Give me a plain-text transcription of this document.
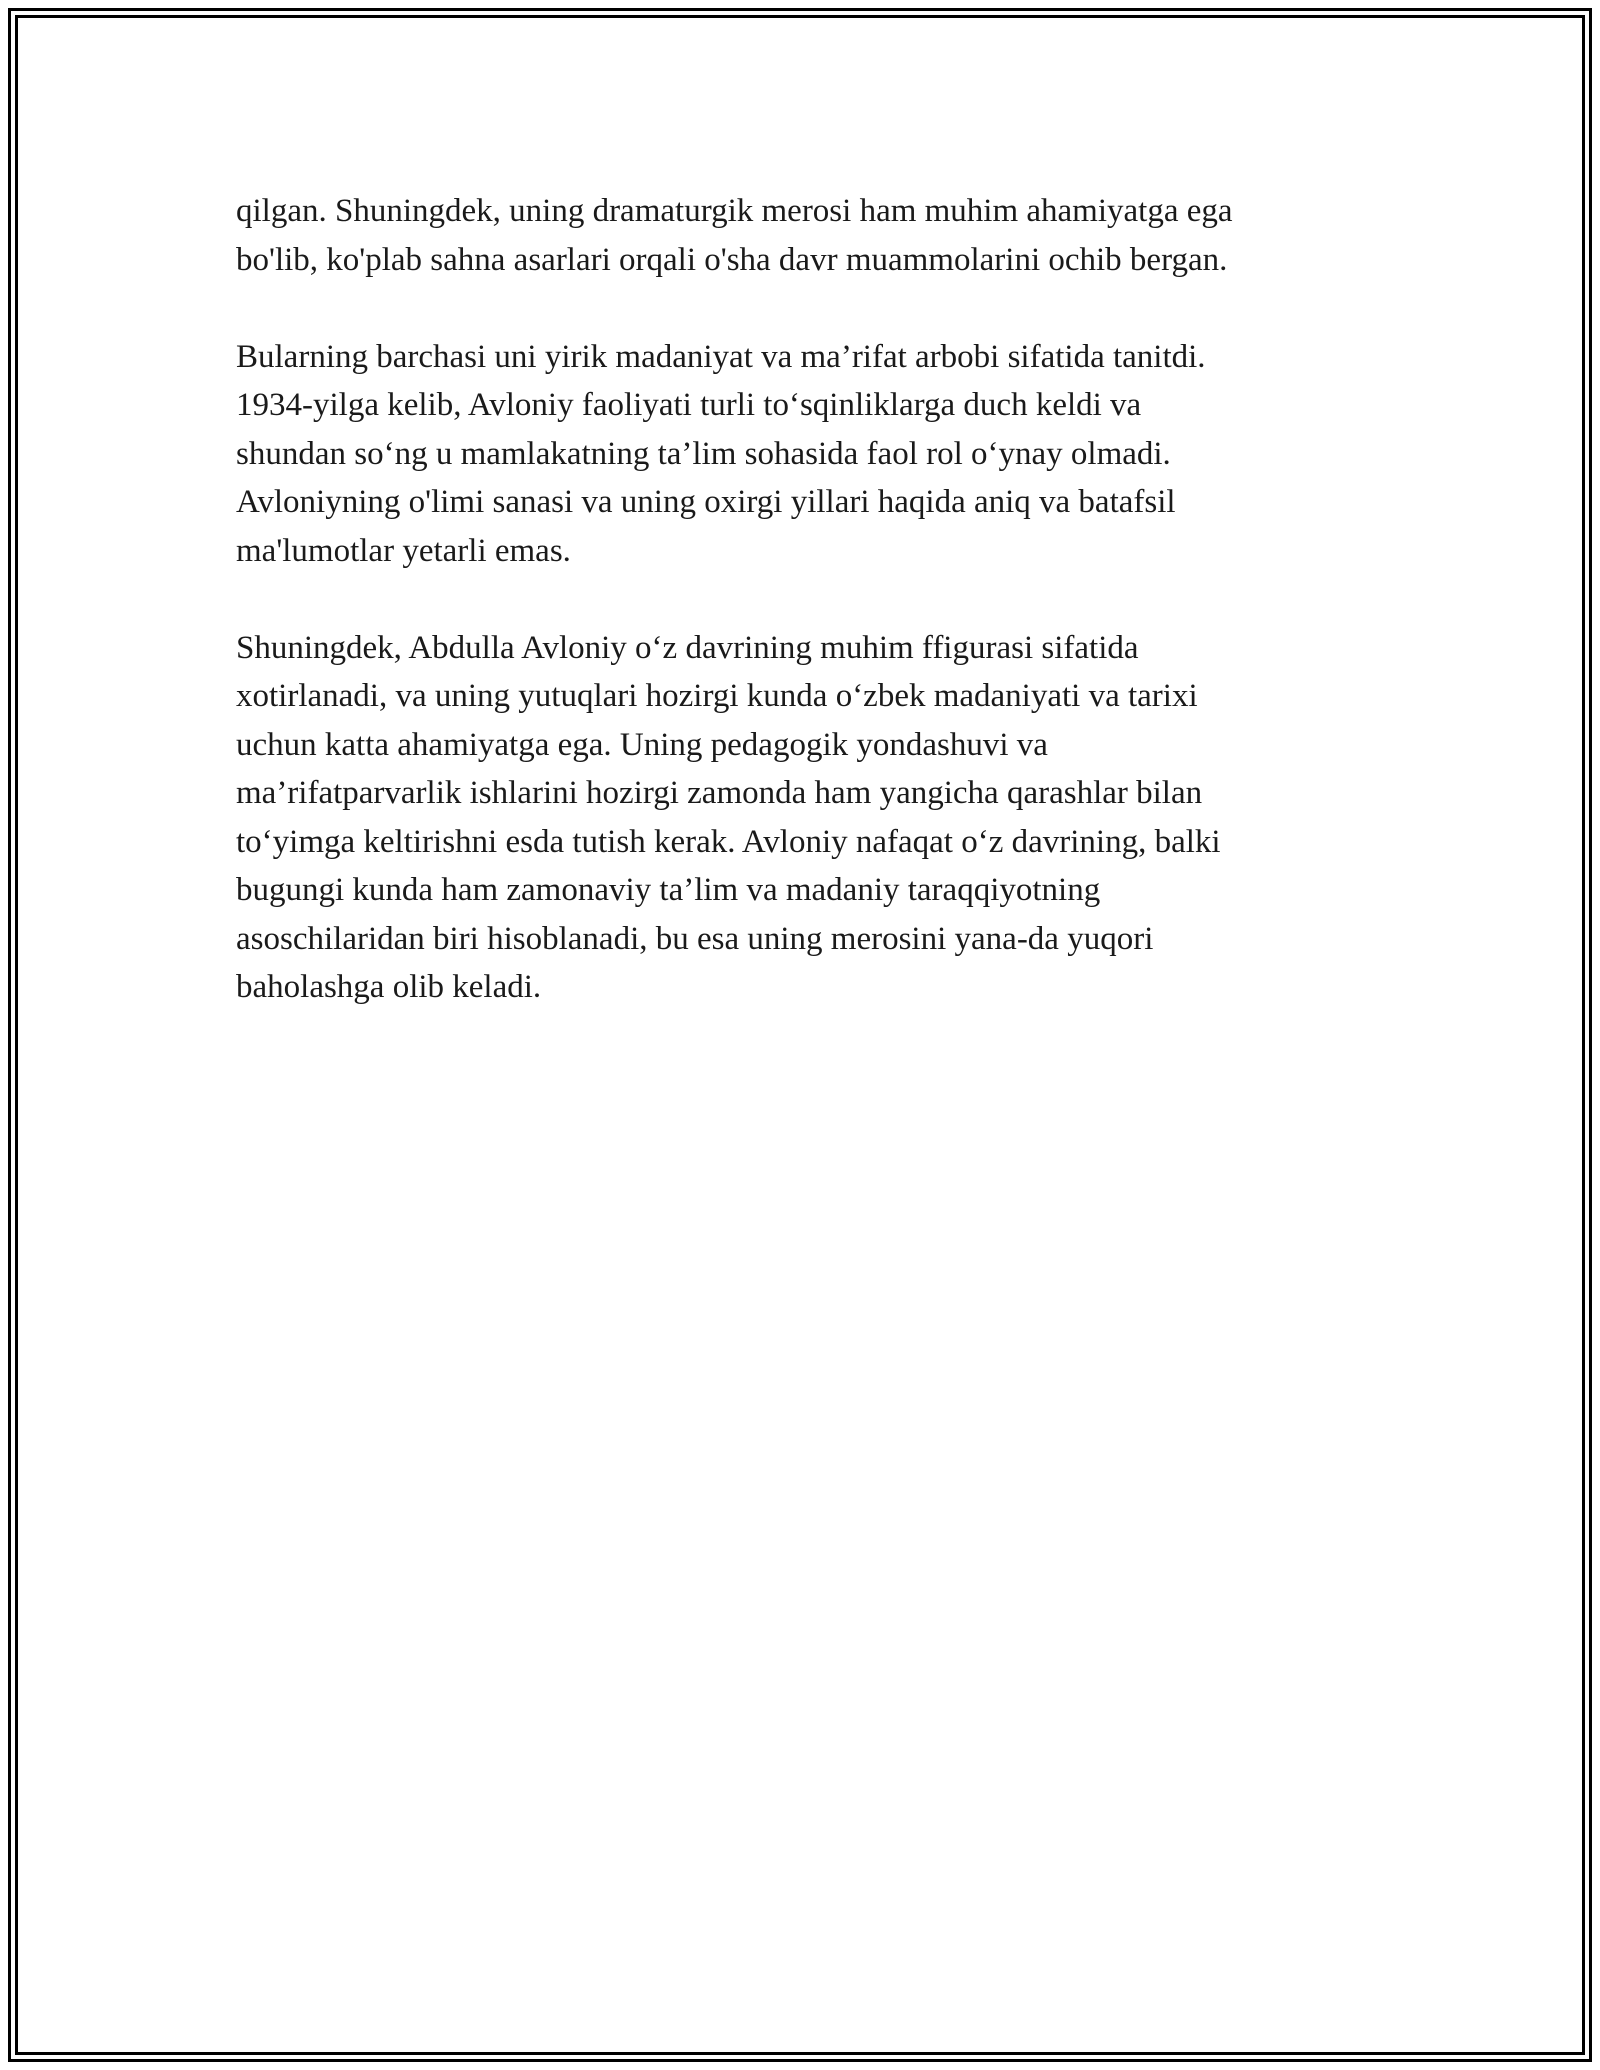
qilgan. Shuningdek, uning dramaturgik merosi ham muhim ahamiyatga ega
bo'lib, ko'plab sahna asarlari orqali o'sha davr muammolarini ochib bergan.

Bularning barchasi uni yirik madaniyat va ma’rifat arbobi sifatida tanitdi.
1934-yilga kelib, Avloniy faoliyati turli to‘sqinliklarga duch keldi va
shundan so‘ng u mamlakatning ta’lim sohasida faol rol o‘ynay olmadi.
Avloniyning o'limi sanasi va uning oxirgi yillari haqida aniq va batafsil
ma'lumotlar yetarli emas.

Shuningdek, Abdulla Avloniy o‘z davrining muhim ffigurasi sifatida
xotirlanadi, va uning yutuqlari hozirgi kunda o‘zbek madaniyati va tarixi
uchun katta ahamiyatga ega. Uning pedagogik yondashuvi va
ma’rifatparvarlik ishlarini hozirgi zamonda ham yangicha qarashlar bilan
to‘yimga keltirishni esda tutish kerak. Avloniy nafaqat o‘z davrining, balki
bugungi kunda ham zamonaviy ta’lim va madaniy taraqqiyotning
asoschilaridan biri hisoblanadi, bu esa uning merosini yana-da yuqori
baholashga olib keladi.
